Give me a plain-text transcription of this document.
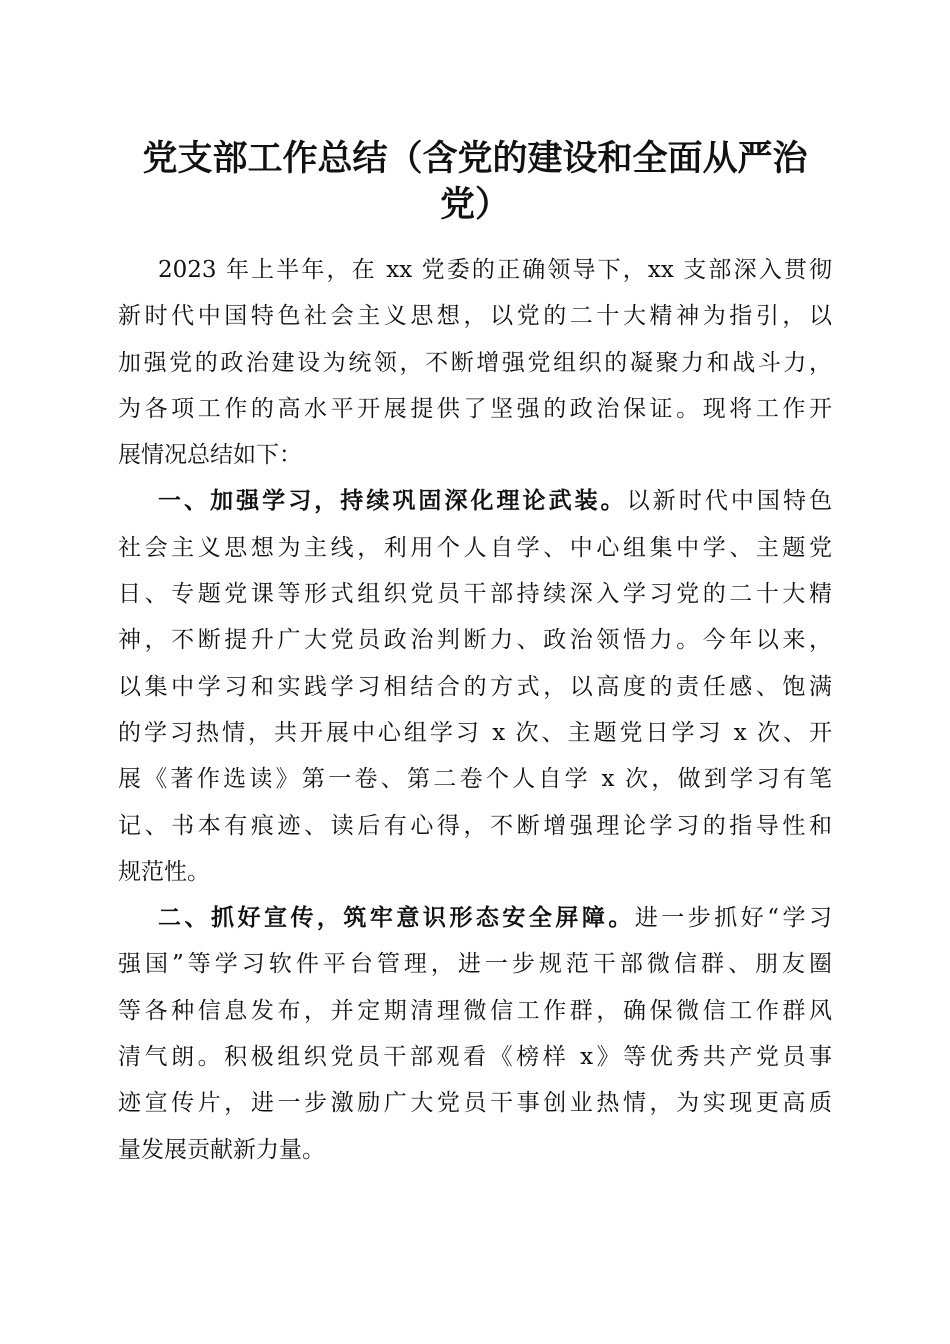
党支部工作总结（含党的建设和全面从严治
党）
2023 年上半年，在 xx 党委的正确领导下，xx 支部深入贯彻
新时代中国特色社会主义思想，以党的二十大精神为指引，以
加强党的政治建设为统领，不断增强党组织的凝聚力和战斗力，
为各项工作的高水平开展提供了坚强的政治保证。现将工作开
展情况总结如下：
一、加强学习，持续巩固深化理论武装。以新时代中国特色
社会主义思想为主线，利用个人自学、中心组集中学、主题党
日、专题党课等形式组织党员干部持续深入学习党的二十大精
神，不断提升广大党员政治判断力、政治领悟力。今年以来，
以集中学习和实践学习相结合的方式，以高度的责任感、饱满
的学习热情，共开展中心组学习 x 次、主题党日学习 x 次、开
展《著作选读》第一卷、第二卷个人自学 x 次，做到学习有笔
记、书本有痕迹、读后有心得，不断增强理论学习的指导性和
规范性。
二、抓好宣传，筑牢意识形态安全屏障。进一步抓好“学习
强国”等学习软件平台管理，进一步规范干部微信群、朋友圈
等各种信息发布，并定期清理微信工作群，确保微信工作群风
清气朗。积极组织党员干部观看《榜样 x》等优秀共产党员事
迹宣传片，进一步激励广大党员干事创业热情，为实现更高质
量发展贡献新力量。
